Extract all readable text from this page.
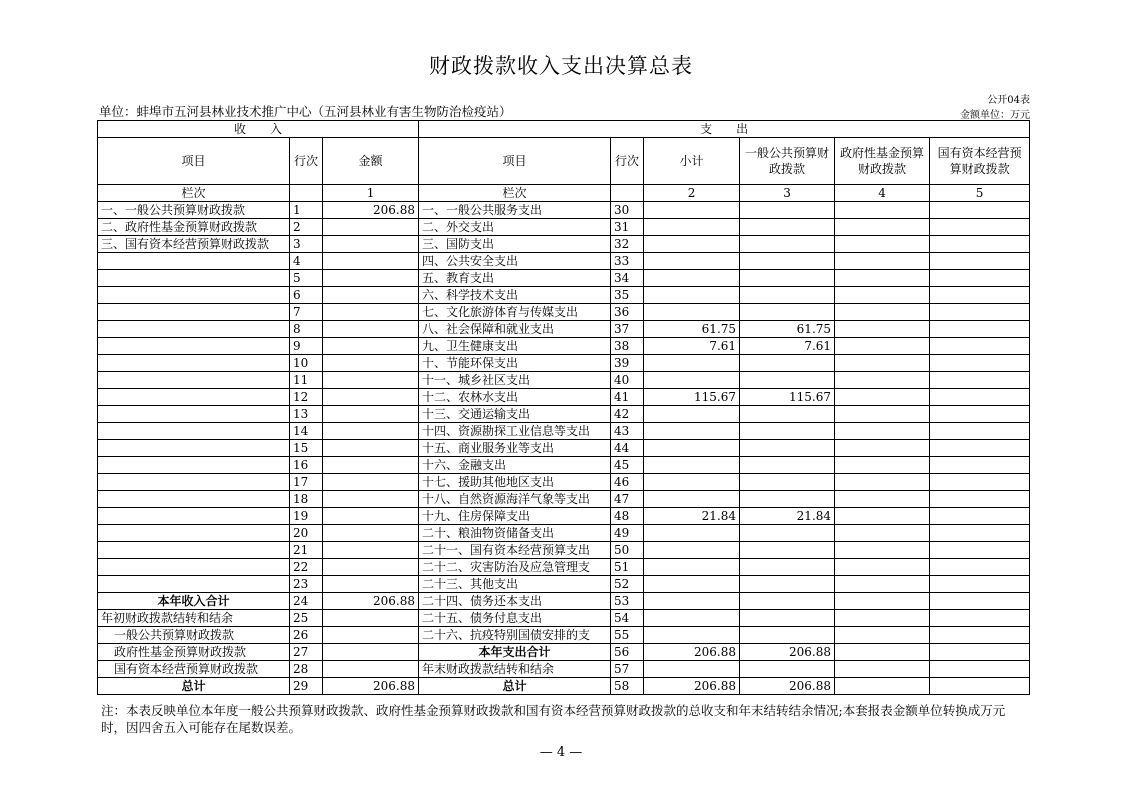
财政拨款收入支出决算总表
公开04表
单位：蚌埠市五河县林业技术推广中心（五河县林业有害生物防治检疫站）	金额单位：万元
收　　入			支　　出					
项目	行次	金额	项目	行次	小计	一般公共预算财政拨款	政府性基金预算财政拨款	国有资本经营预算财政拨款
栏次		1	栏次		2	3	4	5
一、一般公共预算财政拨款	1	206.88	一、一般公共服务支出	30				
二、政府性基金预算财政拨款	2		二、外交支出	31				
三、国有资本经营预算财政拨款	3		三、国防支出	32				
	4		四、公共安全支出	33				
	5		五、教育支出	34				
	6		六、科学技术支出	35				
	7		七、文化旅游体育与传媒支出	36				
	8		八、社会保障和就业支出	37	61.75	61.75		
	9		九、卫生健康支出	38	7.61	7.61		
	10		十、节能环保支出	39				
	11		十一、城乡社区支出	40				
	12		十二、农林水支出	41	115.67	115.67		
	13		十三、交通运输支出	42				
	14		十四、资源勘探工业信息等支出	43				
	15		十五、商业服务业等支出	44				
	16		十六、金融支出	45				
	17		十七、援助其他地区支出	46				
	18		十八、自然资源海洋气象等支出	47				
	19		十九、住房保障支出	48	21.84	21.84		
	20		二十、粮油物资储备支出	49				
	21		二十一、国有资本经营预算支出	50				
	22		二十二、灾害防治及应急管理支	51				
	23		二十三、其他支出	52				
本年收入合计	24	206.88	二十四、债务还本支出	53				
年初财政拨款结转和结余	25		二十五、债务付息支出	54				
一般公共预算财政拨款	26		二十六、抗疫特别国债安排的支	55				
政府性基金预算财政拨款	27		本年支出合计	56	206.88	206.88		
国有资本经营预算财政拨款	28		年末财政拨款结转和结余	57				
总计	29	206.88	总计	58	206.88	206.88		
注：本表反映单位本年度一般公共预算财政拨款、政府性基金预算财政拨款和国有资本经营预算财政拨款的总收支和年末结转结余情况;本套报表金额单位转换成万元时，因四舍五入可能存在尾数误差。
— 4 —
